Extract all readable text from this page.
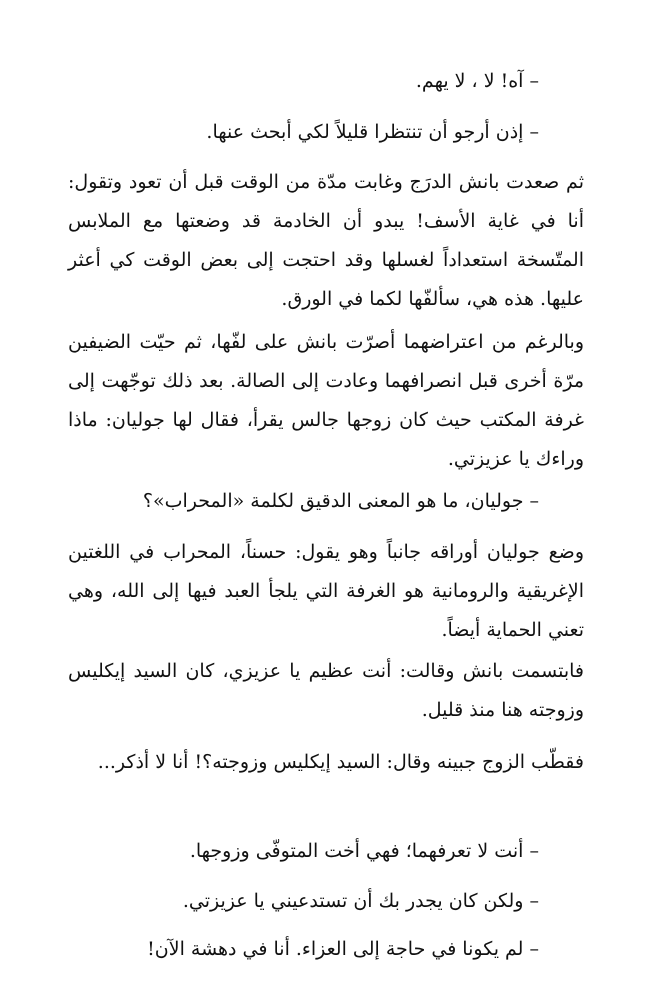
– آه! لا ، لا يهم.

– إذن أرجو أن تنتظرا قليلاً لكي أبحث عنها.

ثم صعدت بانش الدرَج وغابت مدّة من الوقت قبل أن تعود وتقول: أنا في غاية الأسف! يبدو أن الخادمة قد وضعتها مع الملابس المتّسخة استعداداً لغسلها وقد احتجت إلى بعض الوقت كي أعثر عليها. هذه هي، سألفّها لكما في الورق.

وبالرغم من اعتراضهما أصرّت بانش على لفّها، ثم حيّت الضيفين مرّة أخرى قبل انصرافهما وعادت إلى الصالة. بعد ذلك توجّهت إلى غرفة المكتب حيث كان زوجها جالس يقرأ، فقال لها جوليان: ماذا وراءك يا عزيزتي.

– جوليان، ما هو المعنى الدقيق لكلمة «المحراب»؟

وضع جوليان أوراقه جانباً وهو يقول: حسناً، المحراب في اللغتين الإغريقية والرومانية هو الغرفة التي يلجأ العبد فيها إلى الله، وهي تعني الحماية أيضاً.

فابتسمت بانش وقالت: أنت عظيم يا عزيزي، كان السيد إيكليس وزوجته هنا منذ قليل.

فقطّب الزوج جبينه وقال: السيد إيكليس وزوجته؟! أنا لا أذكر...

– أنت لا تعرفهما؛ فهي أخت المتوفّى وزوجها.

– ولكن كان يجدر بك أن تستدعيني يا عزيزتي.

– لم يكونا في حاجة إلى العزاء. أنا في دهشة الآن!
